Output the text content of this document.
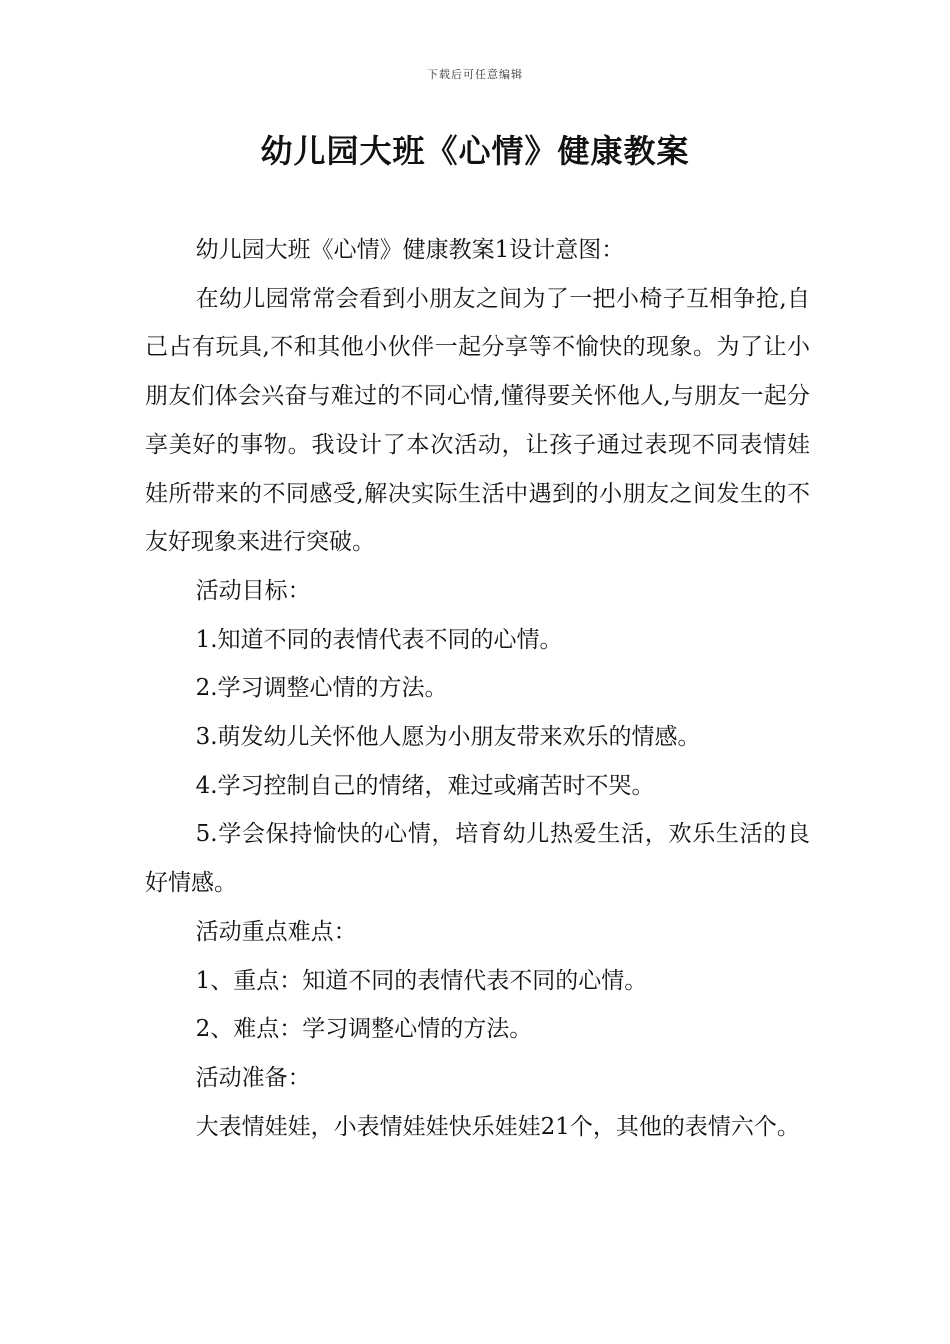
下载后可任意编辑
幼儿园大班《心情》健康教案

幼儿园大班《心情》健康教案1设计意图：

在幼儿园常常会看到小朋友之间为了一把小椅子互相争抢,自己占有玩具,不和其他小伙伴一起分享等不愉快的现象。为了让小朋友们体会兴奋与难过的不同心情,懂得要关怀他人,与朋友一起分享美好的事物。我设计了本次活动，让孩子通过表现不同表情娃娃所带来的不同感受,解决实际生活中遇到的小朋友之间发生的不友好现象来进行突破。

活动目标：

1.知道不同的表情代表不同的心情。

2.学习调整心情的方法。

3.萌发幼儿关怀他人愿为小朋友带来欢乐的情感。

4.学习控制自己的情绪，难过或痛苦时不哭。

5.学会保持愉快的心情，培育幼儿热爱生活，欢乐生活的良好情感。

活动重点难点：

1、重点：知道不同的表情代表不同的心情。

2、难点：学习调整心情的方法。

活动准备：

大表情娃娃，小表情娃娃快乐娃娃21个，其他的表情六个。
